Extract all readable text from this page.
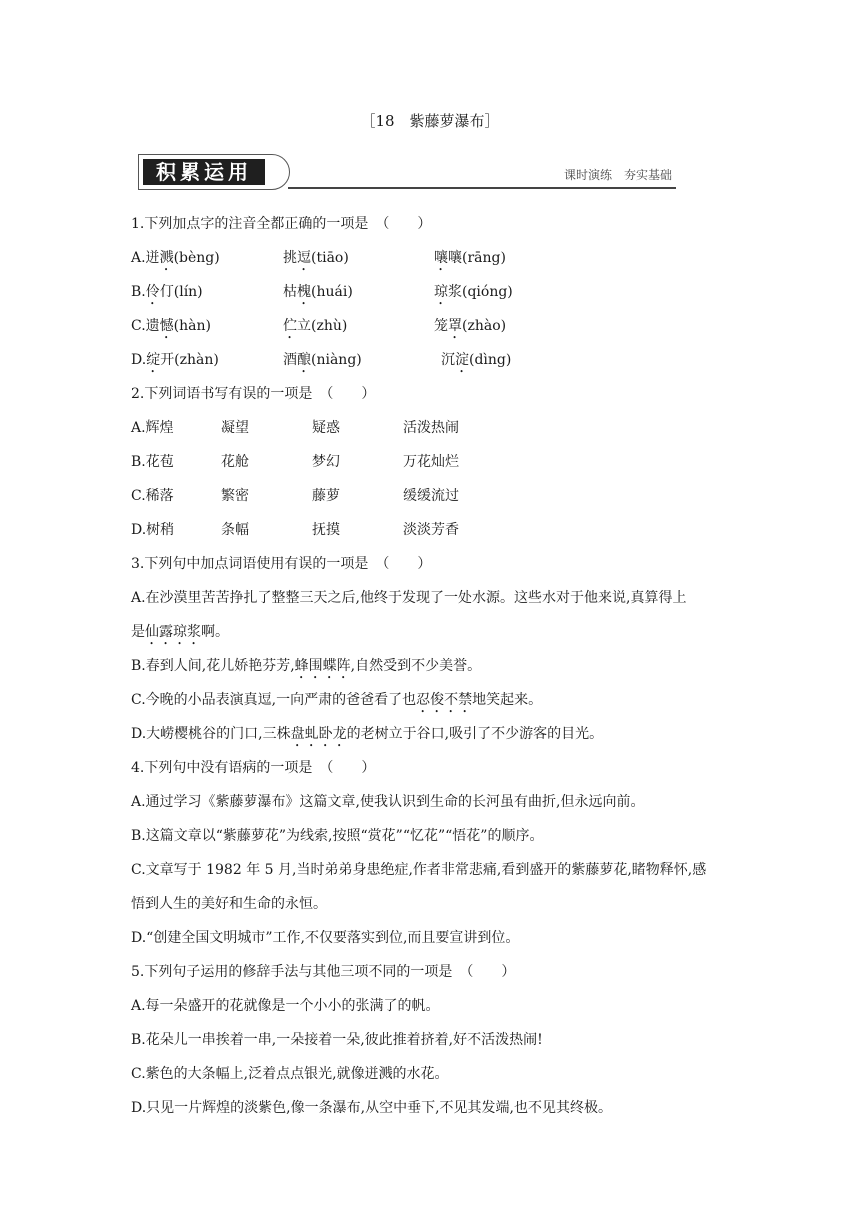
［18　紫藤萝瀑布］
积累运用	课时演练　夯实基础
1.下列加点字的注音全都正确的一项是　（　　）
A.迸溅(bèng)	挑逗(tiāo)	嚷嚷(rāng)
B.伶仃(lín)	枯槐(huái)	琼浆(qióng)
C.遗憾(hàn)	伫立(zhù)	笼罩(zhào)
D.绽开(zhàn)	酒酿(niàng)	沉淀(dìng)
2.下列词语书写有误的一项是　（　　）
A.辉煌	凝望	疑惑	活泼热闹
B.花苞	花舱	梦幻	万花灿烂
C.稀落	繁密	藤萝	缓缓流过
D.树稍	条幅	抚摸	淡淡芳香
3.下列句中加点词语使用有误的一项是　（　　）
A.在沙漠里苦苦挣扎了整整三天之后,他终于发现了一处水源。这些水对于他来说,真算得上
是仙露琼浆啊。
B.春到人间,花儿娇艳芬芳,蜂围蝶阵,自然受到不少美誉。
C.今晚的小品表演真逗,一向严肃的爸爸看了也忍俊不禁地笑起来。
D.大崂樱桃谷的门口,三株盘虬卧龙的老树立于谷口,吸引了不少游客的目光。
4.下列句中没有语病的一项是　（　　）
A.通过学习《紫藤萝瀑布》这篇文章,使我认识到生命的长河虽有曲折,但永远向前。
B.这篇文章以“紫藤萝花”为线索,按照“赏花”“忆花”“悟花”的顺序。
C.文章写于 1982 年 5 月,当时弟弟身患绝症,作者非常悲痛,看到盛开的紫藤萝花,睹物释怀,感
悟到人生的美好和生命的永恒。
D.“创建全国文明城市”工作,不仅要落实到位,而且要宣讲到位。
5.下列句子运用的修辞手法与其他三项不同的一项是　（　　）
A.每一朵盛开的花就像是一个小小的张满了的帆。
B.花朵儿一串挨着一串,一朵接着一朵,彼此推着挤着,好不活泼热闹!
C.紫色的大条幅上,泛着点点银光,就像迸溅的水花。
D.只见一片辉煌的淡紫色,像一条瀑布,从空中垂下,不见其发端,也不见其终极。
